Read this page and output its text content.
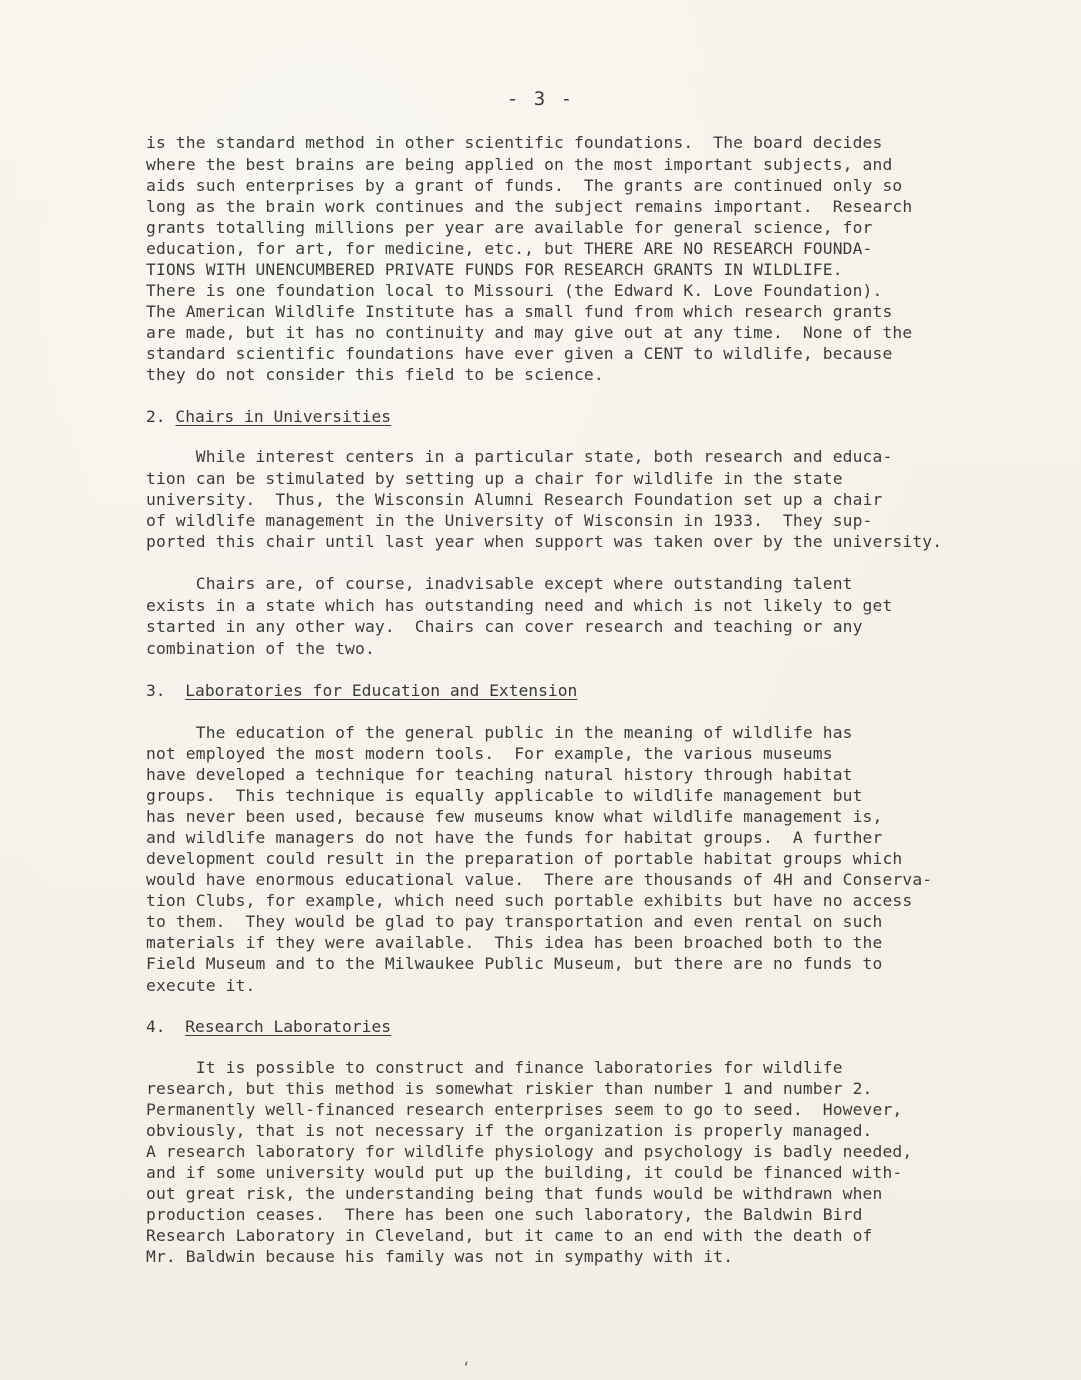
- 3 -
is the standard method in other scientific foundations.  The board decides
where the best brains are being applied on the most important subjects, and
aids such enterprises by a grant of funds.  The grants are continued only so
long as the brain work continues and the subject remains important.  Research
grants totalling millions per year are available for general science, for
education, for art, for medicine, etc., but THERE ARE NO RESEARCH FOUNDA-
TIONS WITH UNENCUMBERED PRIVATE FUNDS FOR RESEARCH GRANTS IN WILDLIFE.
There is one foundation local to Missouri (the Edward K. Love Foundation).
The American Wildlife Institute has a small fund from which research grants
are made, but it has no continuity and may give out at any time.  None of the
standard scientific foundations have ever given a CENT to wildlife, because
they do not consider this field to be science.
2. Chairs in Universities
While interest centers in a particular state, both research and educa-
tion can be stimulated by setting up a chair for wildlife in the state
university.  Thus, the Wisconsin Alumni Research Foundation set up a chair
of wildlife management in the University of Wisconsin in 1933.  They sup-
ported this chair until last year when support was taken over by the university.
Chairs are, of course, inadvisable except where outstanding talent
exists in a state which has outstanding need and which is not likely to get
started in any other way.  Chairs can cover research and teaching or any
combination of the two.
3. Laboratories for Education and Extension
The education of the general public in the meaning of wildlife has
not employed the most modern tools.  For example, the various museums
have developed a technique for teaching natural history through habitat
groups.  This technique is equally applicable to wildlife management but
has never been used, because few museums know what wildlife management is,
and wildlife managers do not have the funds for habitat groups.  A further
development could result in the preparation of portable habitat groups which
would have enormous educational value.  There are thousands of 4H and Conserva-
tion Clubs, for example, which need such portable exhibits but have no access
to them.  They would be glad to pay transportation and even rental on such
materials if they were available.  This idea has been broached both to the
Field Museum and to the Milwaukee Public Museum, but there are no funds to
execute it.
4. Research Laboratories
It is possible to construct and finance laboratories for wildlife
research, but this method is somewhat riskier than number 1 and number 2.
Permanently well-financed research enterprises seem to go to seed.  However,
obviously, that is not necessary if the organization is properly managed.
A research laboratory for wildlife physiology and psychology is badly needed,
and if some university would put up the building, it could be financed with-
out great risk, the understanding being that funds would be withdrawn when
production ceases.  There has been one such laboratory, the Baldwin Bird
Research Laboratory in Cleveland, but it came to an end with the death of
Mr. Baldwin because his family was not in sympathy with it.
ʻ
